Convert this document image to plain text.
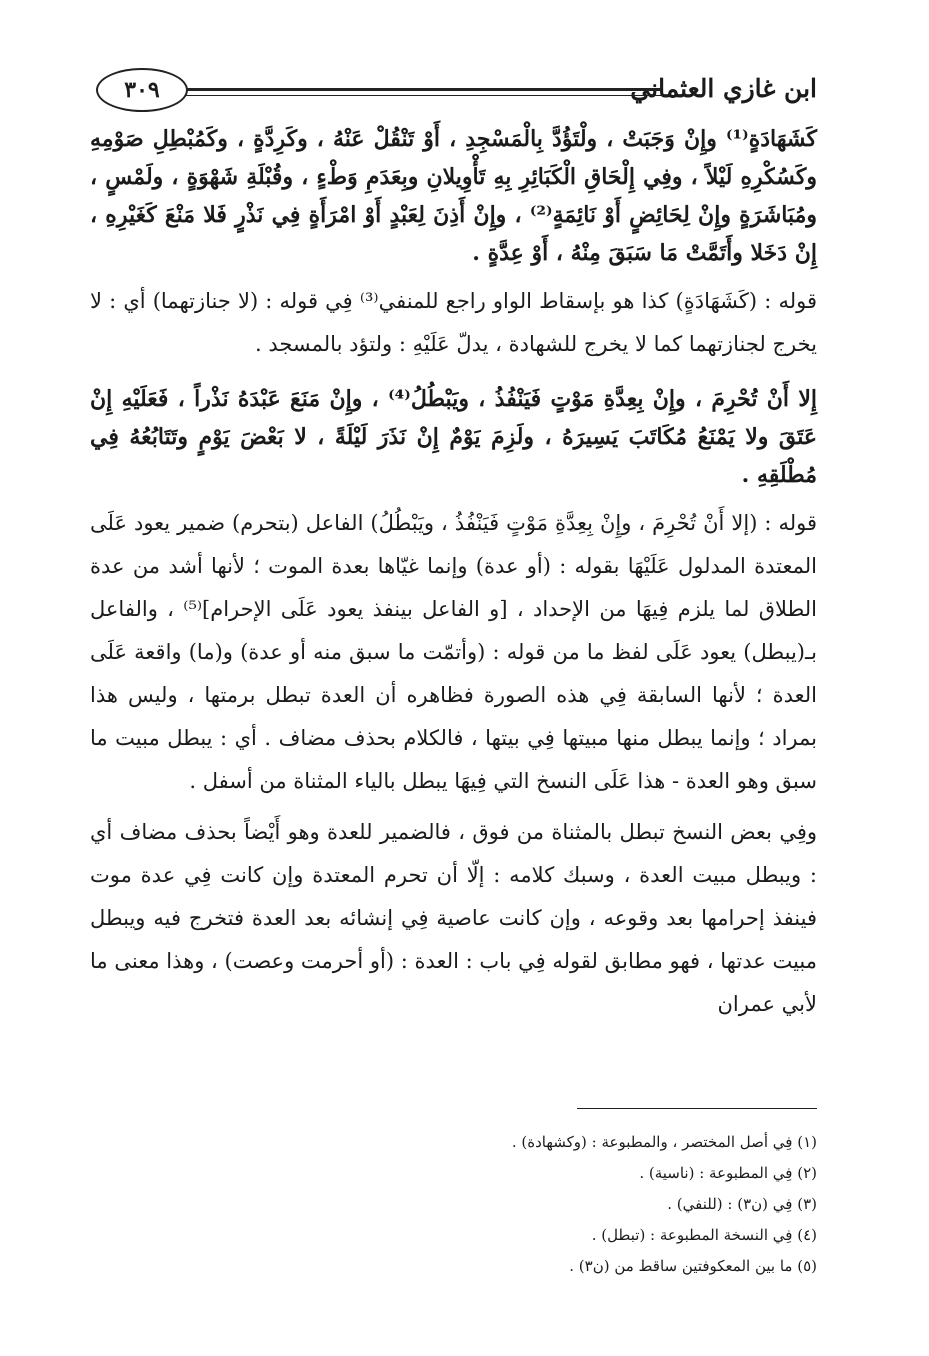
ابن غازي العثماني
٣٠٩

كَشَهَادَةٍ⁽¹⁾ وإِنْ وَجَبَتْ ، ولْتَؤُدَّ بِالْمَسْجِدِ ، أَوْ تَنْقُلْ عَنْهُ ، وكَرِدَّةٍ ، وكَمُبْطِلِ صَوْمِهِ وكَسُكْرِهِ لَيْلاً ، وفِي إِلْحَاقِ الْكَبَائِرِ بِهِ تَأْوِيلانِ وبِعَدَمِ وَطْءٍ ، وقُبْلَةِ شَهْوَةٍ ، ولَمْسٍ ، ومُبَاشَرَةٍ وإِنْ لِحَائِضٍ أَوْ نَائِمَةٍ⁽²⁾ ، وإِنْ أَذِنَ لِعَبْدٍ أَوْ امْرَأَةٍ فِي نَذْرٍ فَلا مَنْعَ كَغَيْرِهِ ، إِنْ دَخَلا وأَتَمَّتْ مَا سَبَقَ مِنْهُ ، أَوْ عِدَّةٍ .

قوله : (كَشَهَادَةٍ) كذا هو بإسقاط الواو راجع للمنفي⁽³⁾ فِي قوله : (لا جنازتهما) أي : لا يخرج لجنازتهما كما لا يخرج للشهادة ، يدلّ عَلَيْهِ : ولتؤد بالمسجد .

إِلا أَنْ تُحْرِمَ ، وإِنْ بِعِدَّةِ مَوْتٍ فَيَنْفُذُ ، ويَبْطُلُ⁽⁴⁾ ، وإِنْ مَنَعَ عَبْدَهُ نَذْراً ، فَعَلَيْهِ إِنْ عَتَقَ ولا يَمْنَعُ مُكَاتَبَ يَسِيرَهُ ، ولَزِمَ يَوْمٌ إِنْ نَذَرَ لَيْلَةً ، لا بَعْضَ يَوْمٍ وتَتَابُعُهُ فِي مُطْلَقِهِ .

قوله : (إلا أَنْ تُحْرِمَ ، وإِنْ بِعِدَّةِ مَوْتٍ فَيَنْفُذُ ، ويَبْطُلُ) الفاعل (بتحرم) ضمير يعود عَلَى المعتدة المدلول عَلَيْهَا بقوله : (أو عدة) وإنما غيّاها بعدة الموت ؛ لأنها أشد من عدة الطلاق لما يلزم فِيهَا من الإحداد ، [و الفاعل بينفذ يعود عَلَى الإحرام]⁽⁵⁾ ، والفاعل بـ(يبطل) يعود عَلَى لفظ ما من قوله : (وأتمّت ما سبق منه أو عدة) و(ما) واقعة عَلَى العدة ؛ لأنها السابقة فِي هذه الصورة فظاهره أن العدة تبطل برمتها ، وليس هذا بمراد ؛ وإنما يبطل منها مبيتها فِي بيتها ، فالكلام بحذف مضاف . أي : يبطل مبيت ما سبق وهو العدة - هذا عَلَى النسخ التي فِيهَا يبطل بالياء المثناة من أسفل .

وفِي بعض النسخ تبطل بالمثناة من فوق ، فالضمير للعدة وهو أَيْضاً بحذف مضاف أي : ويبطل مبيت العدة ، وسبك كلامه : إلّا أن تحرم المعتدة وإن كانت فِي عدة موت فينفذ إحرامها بعد وقوعه ، وإن كانت عاصية فِي إنشائه بعد العدة فتخرج فيه ويبطل مبيت عدتها ، فهو مطابق لقوله فِي باب : العدة : (أو أحرمت وعصت) ، وهذا معنى ما لأبي عمران

(١) فِي أصل المختصر ، والمطبوعة : (وكشهادة) .
(٢) فِي المطبوعة : (ناسية) .
(٣) فِي (ن٣) : (للنفي) .
(٤) فِي النسخة المطبوعة : (تبطل) .
(٥) ما بين المعكوفتين ساقط من (ن٣) .
